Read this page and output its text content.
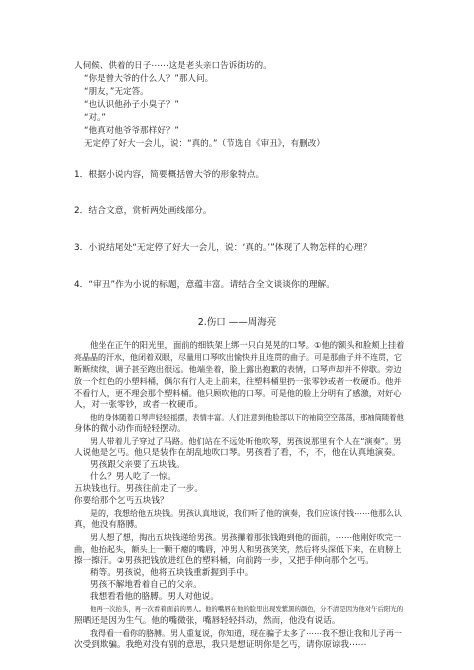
人伺候、供着的日子⋯⋯这是老头亲口告诉街坊的。
“你是曾大爷的什么人？”那人问。
“朋友，”无定答。
“也认识他孙子小臭子？”
“对。”
“他真对他爷爷那样好？”
无定停了好大一会儿，说：“真的。”（节选自《审丑》，有删改）
1．根据小说内容，简要概括曾大爷的形象特点。
2．结合文意，赏析两处画线部分。
3．小说结尾处“无定停了好大一会儿，说：‘真的。’”体现了人物怎样的心理？
4．“审丑”作为小说的标题，意蕴丰富。请结合全文谈谈你的理解。
2.伤口 ——周海亮
他坐在正午的阳光里，面前的细铁架上绑一只白晃晃的口琴。①他的额头和脸颊上挂着
亮晶晶的汗水，他闭着双眼，尽量用口琴吹出愉快并且连贯的曲子。可是那曲子并不连贯，它
断断续续，调子甚至跑出很远。他端坐着，脸上露出抱歉的表情，口琴声却并不停歇。旁边
放一个红色的小塑料桶，偶尔有行人走上前来，往塑料桶里扔一张零钞或者一枚硬币。他并
不看行人，更不理会那个塑料桶。他只顾吹他的口琴。可是他的脸上分明有了感激，对好心
人，对一张零钞，或者一枚硬币。
他的身体随着口琴声轻轻摇摆，表情丰富。人们注意到他脸部以下的袖筒空空荡荡，那袖筒随着他
身体的微小动作而轻轻摆动。
男人带着儿子穿过了马路。他们站在不远处听他吹琴，男孩说那里有个人在“演奏”。男
人说他是乞丐。他只是装作在胡乱地吹口琴。男孩看了看，不，不，他在认真地演奏。
男孩跟父亲要了五块钱。
什么？男人吃了一惊。
五块钱也行。男孩往前走了一步。
你要给那个乞丐五块钱？
是的，我想给他五块钱。男孩认真地说，我们听了他的演奏，我们应该付钱⋯⋯他那么认
真，他没有胳膊。
男人想了想，掏出五块钱递给男孩。男孩攥着那张钱跑到他的面前，⋯⋯他刚好吹完一
曲，他抬起头，额头上一颗干瘪的嘴唇，冲男人和男孩笑笑，然后将头深低下来，在肩膀上
擦一擦汗。②男孩把钱放进红色的塑料桶，向前跨一步，又把手伸向那个乞丐。
稍等。男孩说，他将五块钱重新握到手中。
男孩不解地看着自己的父亲。
我想看看他的胳膊。男人对他说。
他再一次抬头，再一次看着面前的男人。他的嘴唇在他的脸里出现发紫黑的颜色，分不清是因为他对午后阳光的
照晒还是因为生气。他的嘴微张，嘴唇轻轻抖动，然而，他没有说话。
我得看一看你的胳膊。男人重复说，你知道，现在骗子太多了⋯⋯我不想让我和儿子再一
次受到欺骗。我绝对没有别的意思，我只是想证明你是乞丐，请你原谅我⋯⋯
